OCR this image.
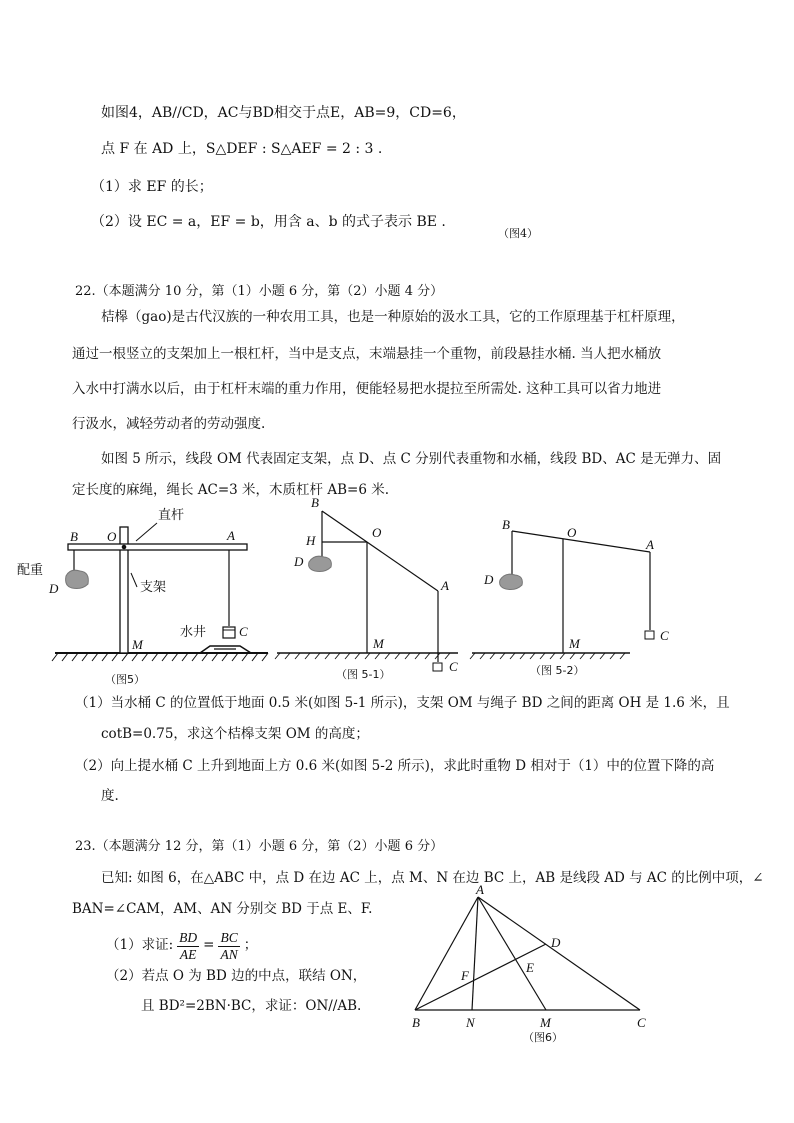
如图4，AB//CD，AC与BD相交于点E，AB=9，CD=6，
点 F 在 AD 上，S△DEF : S△AEF = 2 : 3 .
（1）求 EF 的长；
（2）设 EC = a，EF = b，用含 a、b 的式子表示 BE .
（图4）
22.（本题满分 10 分，第（1）小题 6 分，第（2）小题 4 分）
桔槔（gao)是古代汉族的一种农用工具，也是一种原始的汲水工具，它的工作原理基于杠杆原理，
通过一根竖立的支架加上一根杠杆，当中是支点，末端悬挂一个重物，前段悬挂水桶. 当人把水桶放
入水中打满水以后，由于杠杆末端的重力作用，便能轻易把水提拉至所需处. 这种工具可以省力地进
行汲水，减轻劳动者的劳动强度.
如图 5 所示，线段 OM 代表固定支架，点 D、点 C 分别代表重物和水桶，线段 BD、AC 是无弹力、固
定长度的麻绳，绳长 AC=3 米，木质杠杆 AB=6 米.
（1）当水桶 C 的位置低于地面 0.5 米(如图 5-1 所示)，支架 OM 与绳子 BD 之间的距离 OH 是 1.6 米，且
cotB=0.75，求这个桔槔支架 OM 的高度；
（2）向上提水桶 C 上升到地面上方 0.6 米(如图 5-2 所示)，求此时重物 D 相对于（1）中的位置下降的高
度.
23.（本题满分 12 分，第（1）小题 6 分，第（2）小题 6 分）
已知: 如图 6，在△ABC 中，点 D 在边 AC 上，点 M、N 在边 BC 上，AB 是线段 AD 与 AC 的比例中项，∠
BAN=∠CAM，AM、AN 分别交 BD 于点 E、F.
（1）求证: $\frac{BD}{AE} = \frac{BC}{AN}$ ；
（2）若点 O 为 BD 边的中点，联结 ON，
且 BD²=2BN·BC，求证：ON//AB.
B O	A
D
M
C
直杆
配重
支架
水井
（图5）
B
H
O
D
A
M
C
（图 5-1）
B
O
A
D
M
C
（图 5-2）
A
D
E
F
B	N	M	C
（图6）
